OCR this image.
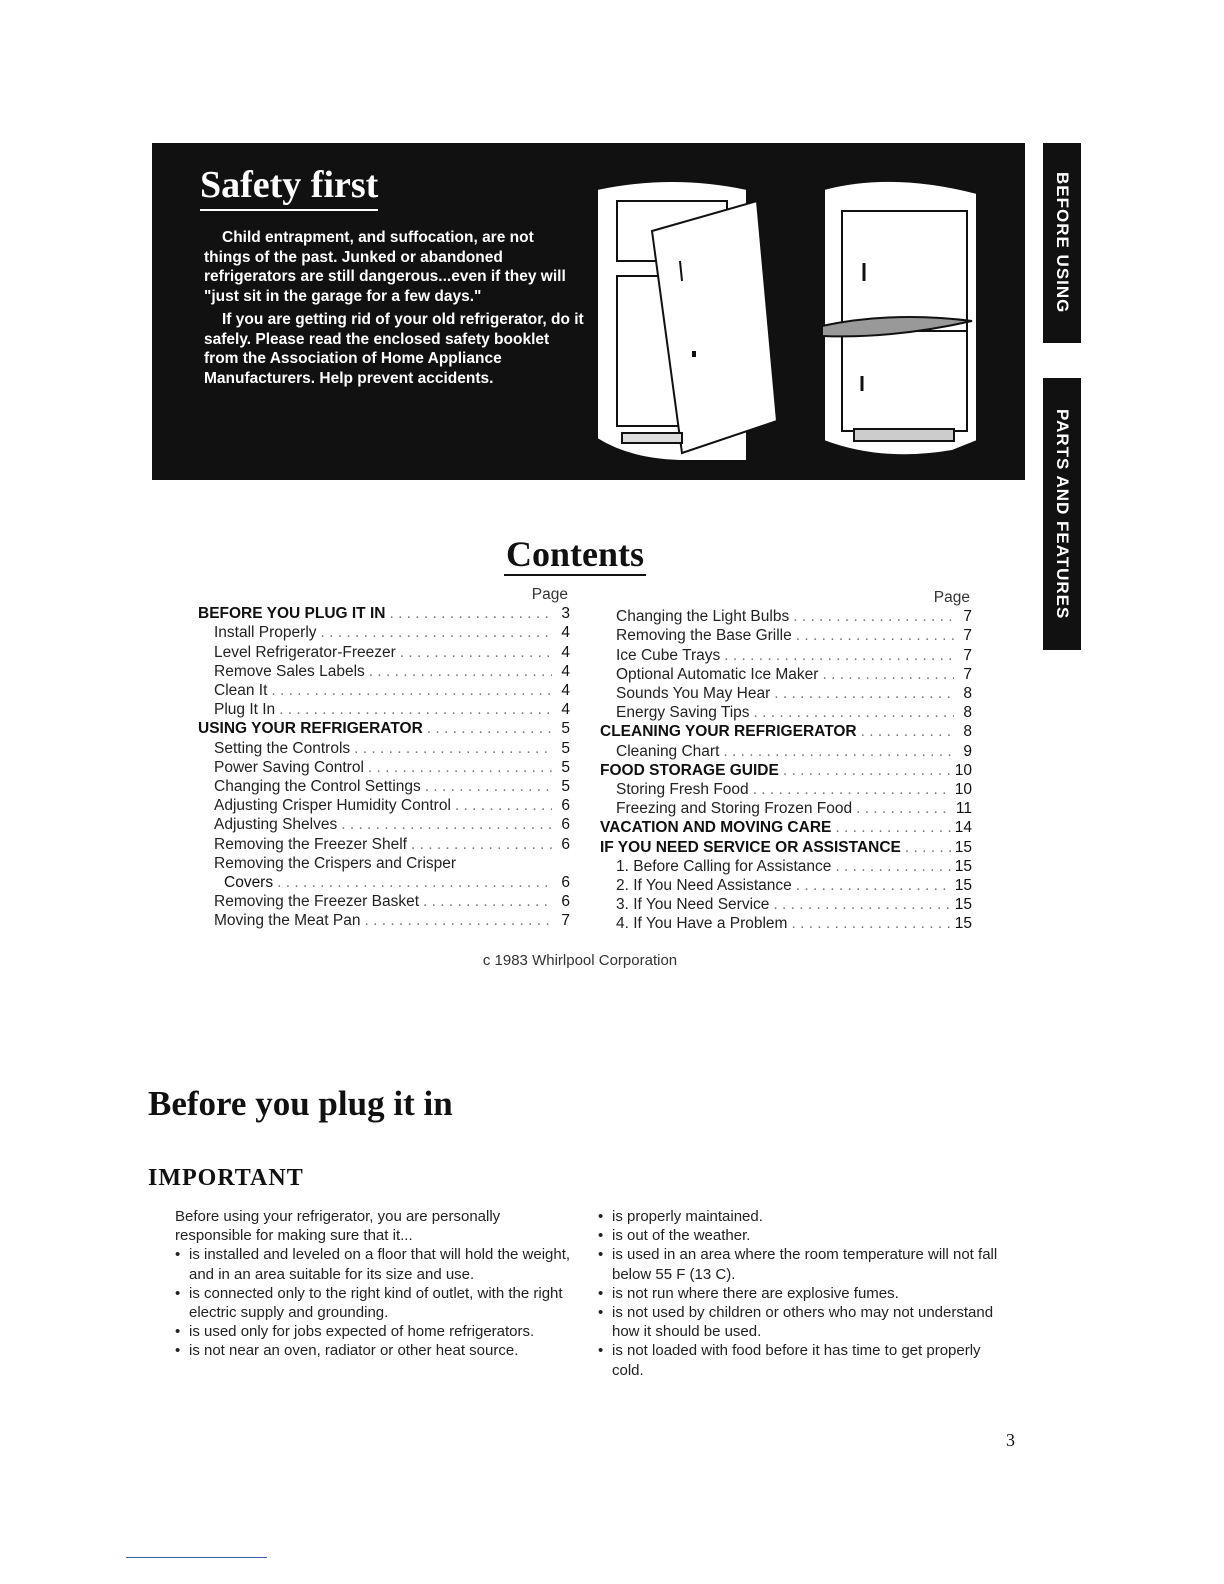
Safety first

Child entrapment, and suffocation, are not things of the past. Junked or abandoned refrigerators are still dangerous...even if they will "just sit in the garage for a few days."

If you are getting rid of your old refrigerator, do it safely. Please read the enclosed safety booklet from the Association of Home Appliance Manufacturers. Help prevent accidents.

BEFORE USING
PARTS AND FEATURES
Contents
Page
BEFORE YOU PLUG IT IN . . .	3
Install Properly . . .	4
Level Refrigerator-Freezer . . .	4
Remove Sales Labels . . .	4
Clean It . . .	4
Plug It In . . .	4
USING YOUR REFRIGERATOR . . .	5
Setting the Controls . . .	5
Power Saving Control . . .	5
Changing the Control Settings . . .	5
Adjusting Crisper Humidity Control . . .	6
Adjusting Shelves . . .	6
Removing the Freezer Shelf . . .	6
Removing the Crispers and Crisper
Covers . . .	6
Removing the Freezer Basket . . .	6
Moving the Meat Pan . . .	7
Page
Changing the Light Bulbs . . .	7
Removing the Base Grille . . .	7
Ice Cube Trays . . .	7
Optional Automatic Ice Maker . . .	7
Sounds You May Hear . . .	8
Energy Saving Tips . . .	8
CLEANING YOUR REFRIGERATOR . . .	8
Cleaning Chart . . .	9
FOOD STORAGE GUIDE . . .	10
Storing Fresh Food . . .	10
Freezing and Storing Frozen Food . . .	11
VACATION AND MOVING CARE . . .	14
IF YOU NEED SERVICE OR ASSISTANCE . . .	15
1. Before Calling for Assistance . . .	15
2. If You Need Assistance . . .	15
3. If You Need Service . . .	15
4. If You Have a Problem . . .	15
c 1983 Whirlpool Corporation
Before you plug it in
IMPORTANT

Before using your refrigerator, you are personally responsible for making sure that it...

• is installed and leveled on a floor that will hold the weight, and in an area suitable for its size and use.
• is connected only to the right kind of outlet, with the right electric supply and grounding.
• is used only for jobs expected of home refrigerators.
• is not near an oven, radiator or other heat source.
• is properly maintained.
• is out of the weather.
• is used in an area where the room temperature will not fall below 55 F (13 C).
• is not run where there are explosive fumes.
• is not used by children or others who may not understand how it should be used.
• is not loaded with food before it has time to get properly cold.
3
